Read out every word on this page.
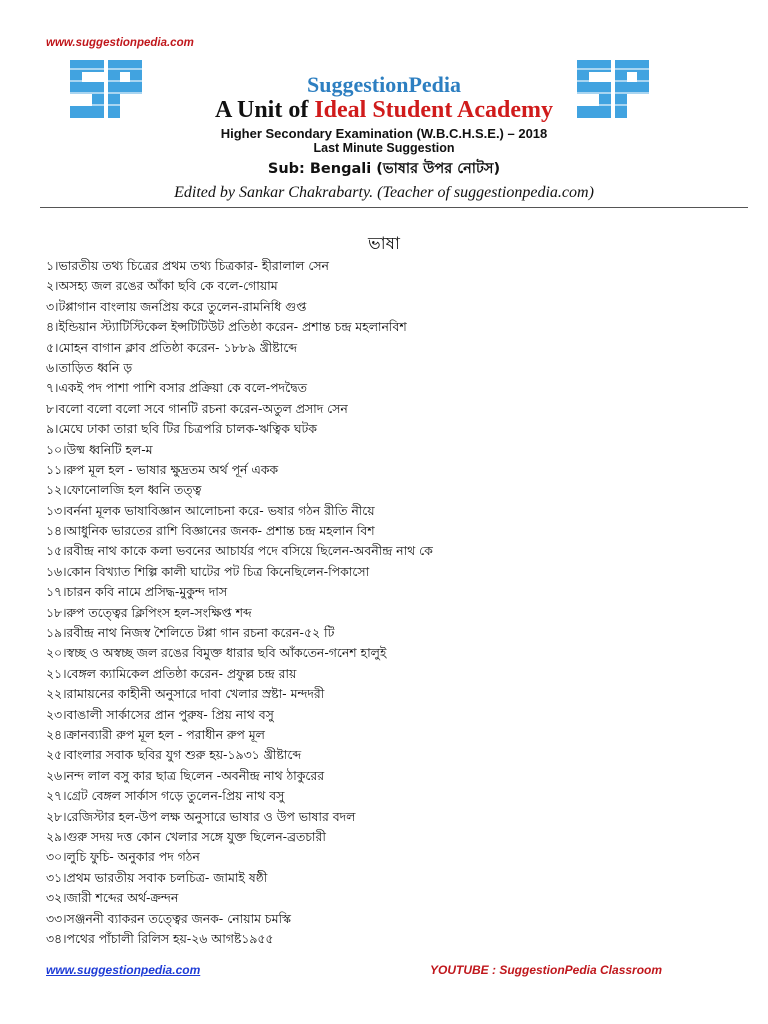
www.suggestionpedia.com
SuggestionPedia
A Unit of Ideal Student Academy
Higher Secondary Examination (W.B.C.H.S.E.) – 2018
Last Minute Suggestion
Sub: Bengali (ভাষার উপর নোটস)
Edited by Sankar Chakrabarty. (Teacher of suggestionpedia.com)
ভাষা
১।ভারতীয় তথ্য চিত্রের প্রথম তথ্য চিত্রকার- হীরালাল সেন
২।অসহ্য জল রঙের আঁকা ছবি কে বলে-গোয়াম
৩।টপ্পাগান বাংলায় জনপ্রিয় করে তুলেন-রামনিধি গুপ্ত
৪।ইন্ডিয়ান স্ট্যাটিস্টিকেল ইন্সটিটিউট প্রতিষ্ঠা করেন- প্রশান্ত চন্দ্র মহলানবিশ
৫।মোহন বাগান ক্লাব প্রতিষ্ঠা করেন- ১৮৮৯ খ্রীষ্টাব্দে
৬।তাড়িত ধ্বনি ড়
৭।একই পদ পাশা পাশি বসার প্রক্রিয়া কে বলে-পদদ্বৈত
৮।বলো বলো বলো সবে গানটি রচনা করেন-অতুল প্রসাদ সেন
৯।মেঘে ঢাকা তারা ছবি টির চিত্রপরি চালক-ঋত্বিক ঘটক
১০।উষ্ম ধ্বনিটি হল-ম
১১।রুপ মূল হল - ভাষার ক্ষুদ্রতম অর্থ পূর্ন একক
১২।ফোনোলজি হল ধ্বনি তত্ত্ব
১৩।বর্ননা মূলক ভাষাবিজ্ঞান আলোচনা করে- ভষার গঠন রীতি নীয়ে
১৪।আধুনিক ভারতের রাশি বিজ্ঞানের জনক- প্রশান্ত চন্দ্র মহলান বিশ
১৫।রবীন্দ্র নাথ কাকে কলা ভবনের আচার্যর পদে বসিয়ে ছিলেন-অবনীন্দ্র নাথ কে
১৬।কোন বিখ্যাত শিল্পি কালী ঘাটের পট চিত্র কিনেছিলেন-পিকাসো
১৭।চারন কবি নামে প্রসিদ্ধ-মুকুন্দ দাস
১৮।রুপ তত্ত্বের ক্লিপিংস হল-সংক্ষিপ্ত শব্দ
১৯।রবীন্দ্র নাথ নিজস্ব শৈলিতে টপ্পা গান রচনা করেন-৫২ টি
২০।স্বচ্ছ ও অস্বচ্ছ জল রঙের বিমুক্ত ধারার ছবি আঁকতেন-গনেশ হালুই
২১।বেঙ্গল ক্যামিকেল প্রতিষ্ঠা করেন- প্রফুল্ল চন্দ্র রায়
২২।রামায়নের কাহীনী অনুসারে দাবা খেলার স্রষ্টা- মন্দদরী
২৩।বাঙালী সার্কাসের প্রান পুরুষ- প্রিয় নাথ বসু
২৪।ক্রানব্যারী রুপ মূল হল - পরাধীন রুপ মূল
২৫।বাংলার সবাক ছবির যুগ শুরু হয়-১৯৩১ খ্রীষ্টাব্দে
২৬।নন্দ লাল বসু কার ছাত্র ছিলেন -অবনীন্দ্র নাথ ঠাকুরের
২৭।গ্রেট বেঙ্গল সার্কাস গড়ে তুলেন-প্রিয় নাথ বসু
২৮।রেজিস্টার হল-উপ লক্ষ অনুসারে ভাষার ও উপ ভাষার বদল
২৯।গুরু সদয় দত্ত কোন খেলার সঙ্গে যুক্ত ছিলেন-ব্রতচারী
৩০।লুচি ফুচি- অনুকার পদ গঠন
৩১।প্রথম ভারতীয় সবাক চলচিত্র- জামাই ষষ্ঠী
৩২।জারী শব্দের অর্থ-ক্রন্দন
৩৩।সঞ্জননী ব্যাকরন তত্ত্বের জনক- নোয়াম চমস্কি
৩৪।পথের পাঁচালী রিলিস হয়-২৬ আগষ্ট১৯৫৫
www.suggestionpedia.com	YOUTUBE : SuggestionPedia Classroom
